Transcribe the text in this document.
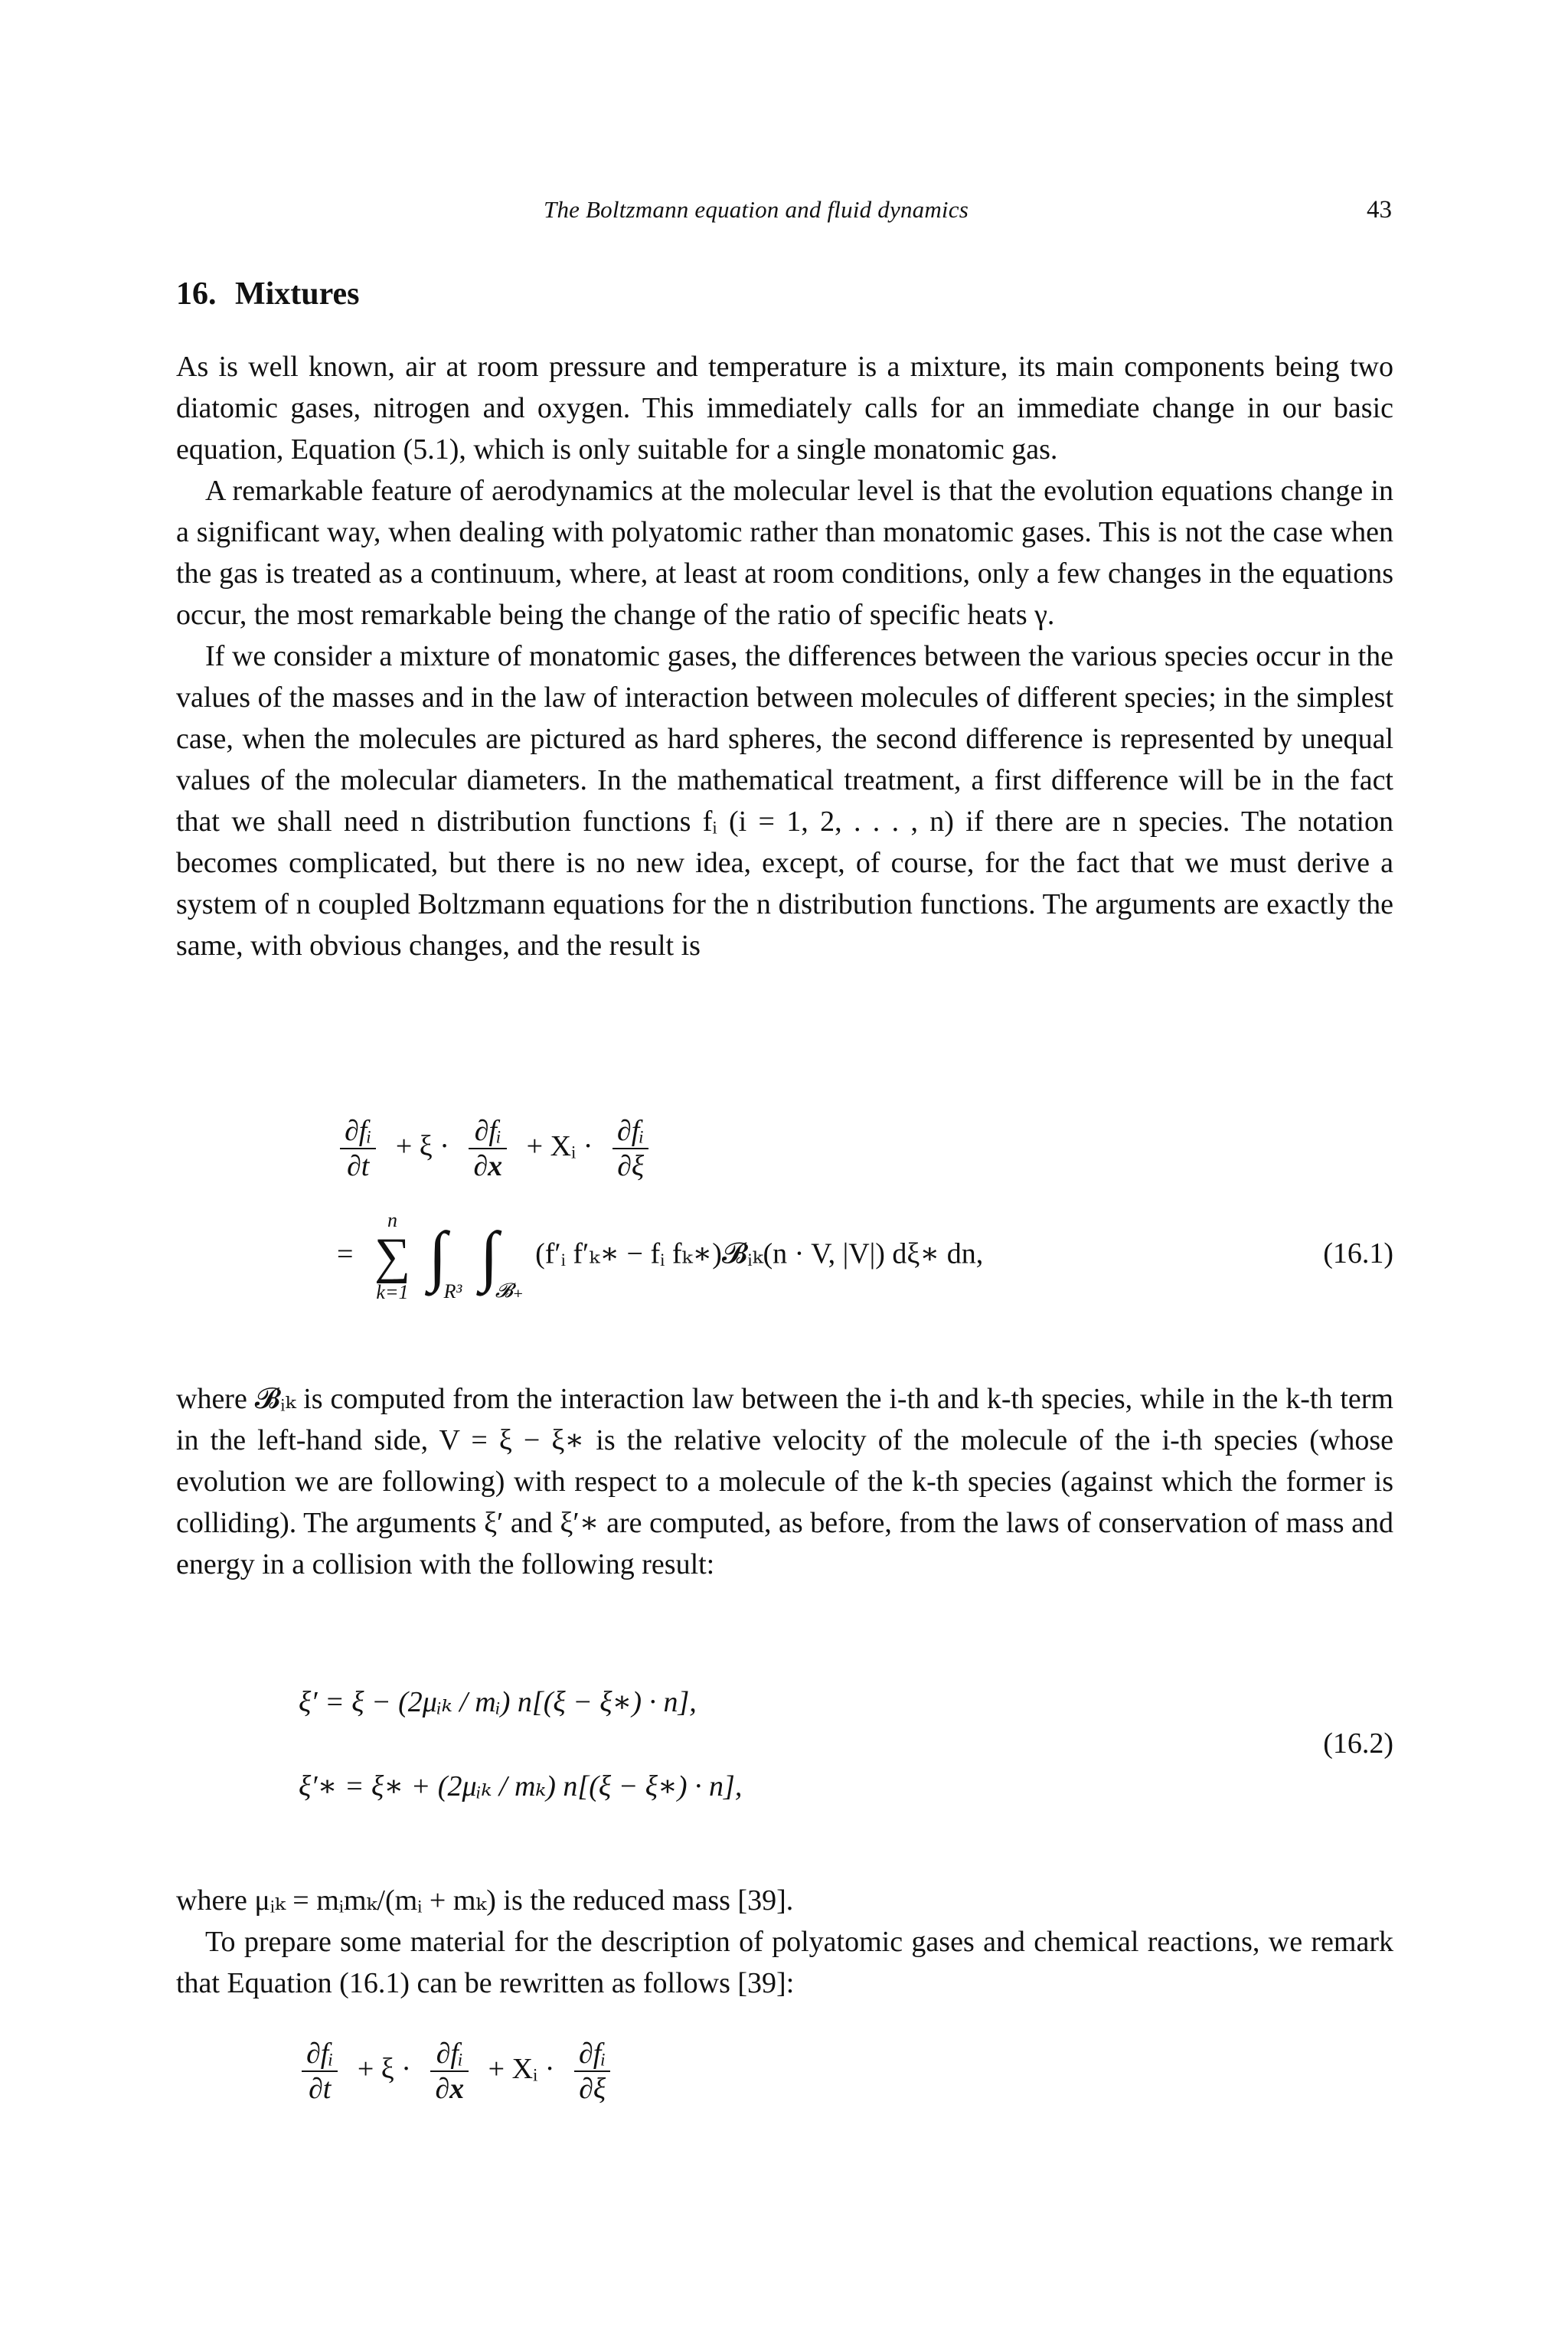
The Boltzmann equation and fluid dynamics	43
16. Mixtures

As is well known, air at room pressure and temperature is a mixture, its main components being two diatomic gases, nitrogen and oxygen. This immediately calls for an immediate change in our basic equation, Equation (5.1), which is only suitable for a single monatomic gas.

A remarkable feature of aerodynamics at the molecular level is that the evolution equations change in a significant way, when dealing with polyatomic rather than monatomic gases. This is not the case when the gas is treated as a continuum, where, at least at room conditions, only a few changes in the equations occur, the most remarkable being the change of the ratio of specific heats γ.

If we consider a mixture of monatomic gases, the differences between the various species occur in the values of the masses and in the law of interaction between molecules of different species; in the simplest case, when the molecules are pictured as hard spheres, the second difference is represented by unequal values of the molecular diameters. In the mathematical treatment, a first difference will be in the fact that we shall need n distribution functions fᵢ (i = 1, 2, . . . , n) if there are n species. The notation becomes complicated, but there is no new idea, except, of course, for the fact that we must derive a system of n coupled Boltzmann equations for the n distribution functions. The arguments are exactly the same, with obvious changes, and the result is

$\frac{\text{∂fᵢ}}{\partial t} + \xi \cdot \frac{\text{∂fᵢ}}{\partial x}$ + Xᵢ · $\frac{\text{∂fᵢ}}{\partial\xi}$
=
n
∑
k=1 ∫R³ ∫𝓑₊ (f′ᵢ f′ₖ∗ − fᵢ fₖ∗)𝓑ᵢₖ(n · V, |V|) dξ∗ dn,	(16.1)

where 𝓑ᵢₖ is computed from the interaction law between the i-th and k-th species, while in the k-th term in the left-hand side, V = ξ − ξ∗ is the relative velocity of the molecule of the i-th species (whose evolution we are following) with respect to a molecule of the k-th species (against which the former is colliding). The arguments ξ′ and ξ′∗ are computed, as before, from the laws of conservation of mass and energy in a collision with the following result:

ξ′ = ξ − (2μᵢₖ / mᵢ) n[(ξ − ξ∗) · n],
ξ′∗ = ξ∗ + (2μᵢₖ / mₖ) n[(ξ − ξ∗) · n],
(16.2)

where μᵢₖ = mᵢmₖ/(mᵢ + mₖ) is the reduced mass [39].

To prepare some material for the description of polyatomic gases and chemical reactions, we remark that Equation (16.1) can be rewritten as follows [39]:

$\frac{\text{∂fᵢ}}{\partial t} + \xi \cdot \frac{\text{∂fᵢ}}{\partial x}$ + Xᵢ · $\frac{\text{∂fᵢ}}{\partial\xi}$
